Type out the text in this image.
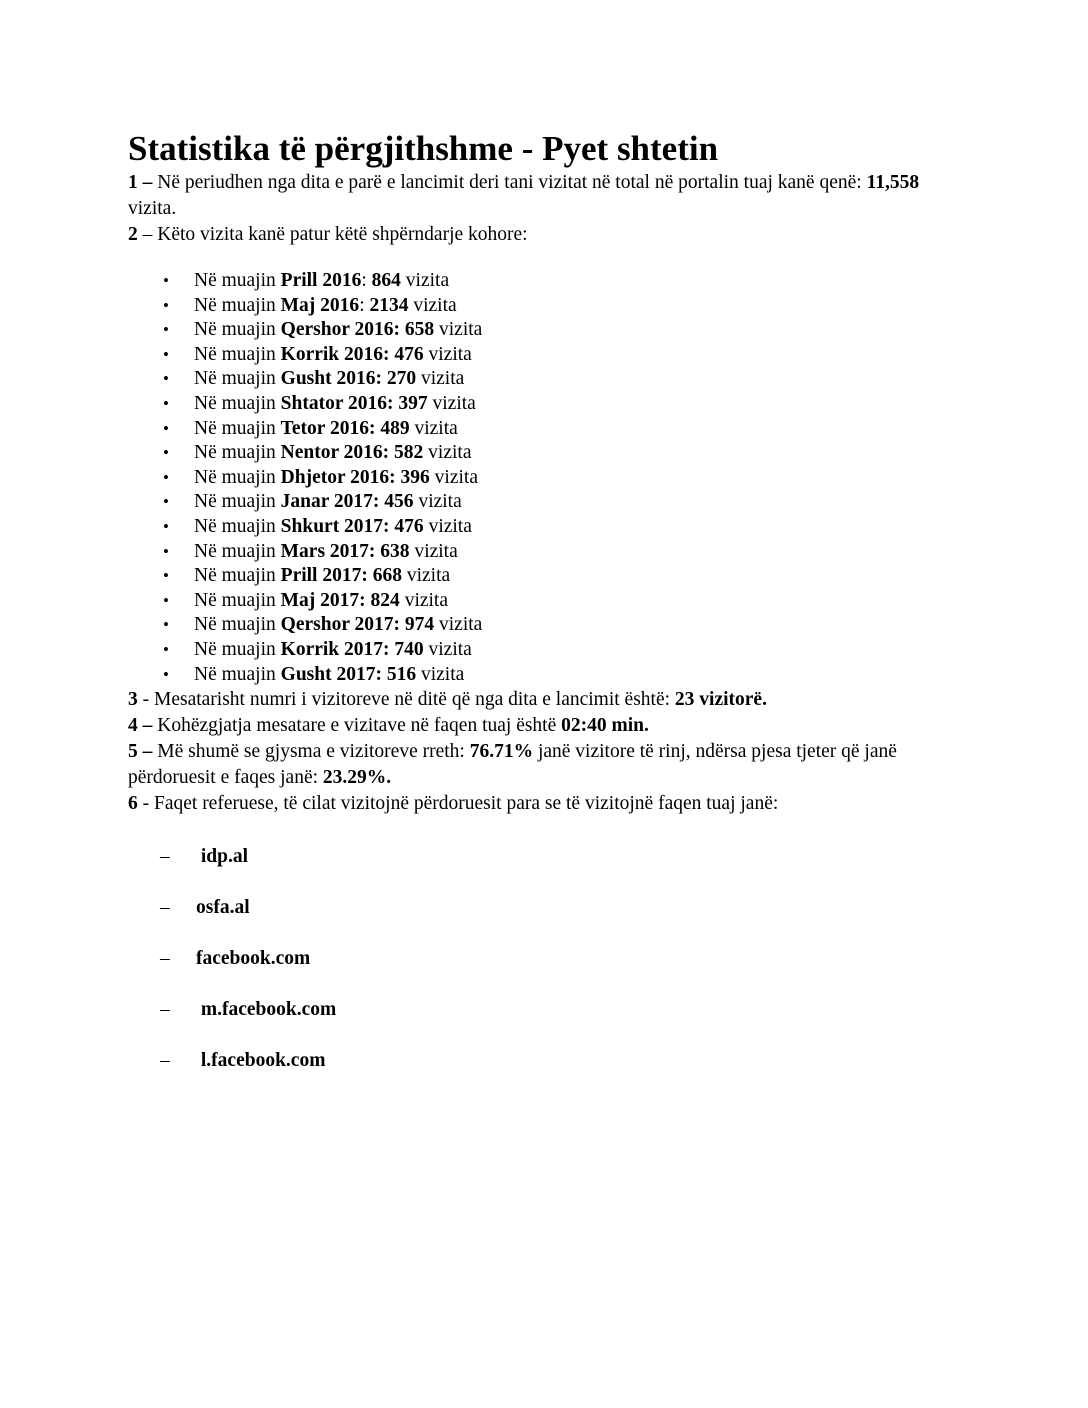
Statistika të përgjithshme - Pyet shtetin

1 – Në periudhen nga dita e parë e lancimit deri tani vizitat në total në portalin tuaj kanë qenë: 11,558 vizita.

2 – Këto vizita kanë patur këtë shpërndarje kohore:

• Në muajin Prill 2016: 864 vizita
• Në muajin Maj 2016: 2134 vizita
• Në muajin Qershor 2016: 658 vizita
• Në muajin Korrik 2016: 476 vizita
• Në muajin Gusht 2016: 270 vizita
• Në muajin Shtator 2016: 397 vizita
• Në muajin Tetor 2016: 489 vizita
• Në muajin Nentor 2016: 582 vizita
• Në muajin Dhjetor 2016: 396 vizita
• Në muajin Janar 2017: 456 vizita
• Në muajin Shkurt 2017: 476 vizita
• Në muajin Mars 2017: 638 vizita
• Në muajin Prill 2017: 668 vizita
• Në muajin Maj 2017: 824 vizita
• Në muajin Qershor 2017: 974 vizita
• Në muajin Korrik 2017: 740 vizita
• Në muajin Gusht 2017: 516 vizita

3 - Mesatarisht numri i vizitoreve në ditë që nga dita e lancimit është: 23 vizitorë.

4 – Kohëzgjatja mesatare e vizitave në faqen tuaj është 02:40 min.

5 – Më shumë se gjysma e vizitoreve rreth: 76.71% janë vizitore të rinj, ndërsa pjesa tjeter që janë përdoruesit e faqes janë: 23.29%.

6 - Faqet referuese, të cilat vizitojnë përdoruesit para se të vizitojnë faqen tuaj janë:

– idp.al
– osfa.al
– facebook.com
– m.facebook.com
– l.facebook.com
